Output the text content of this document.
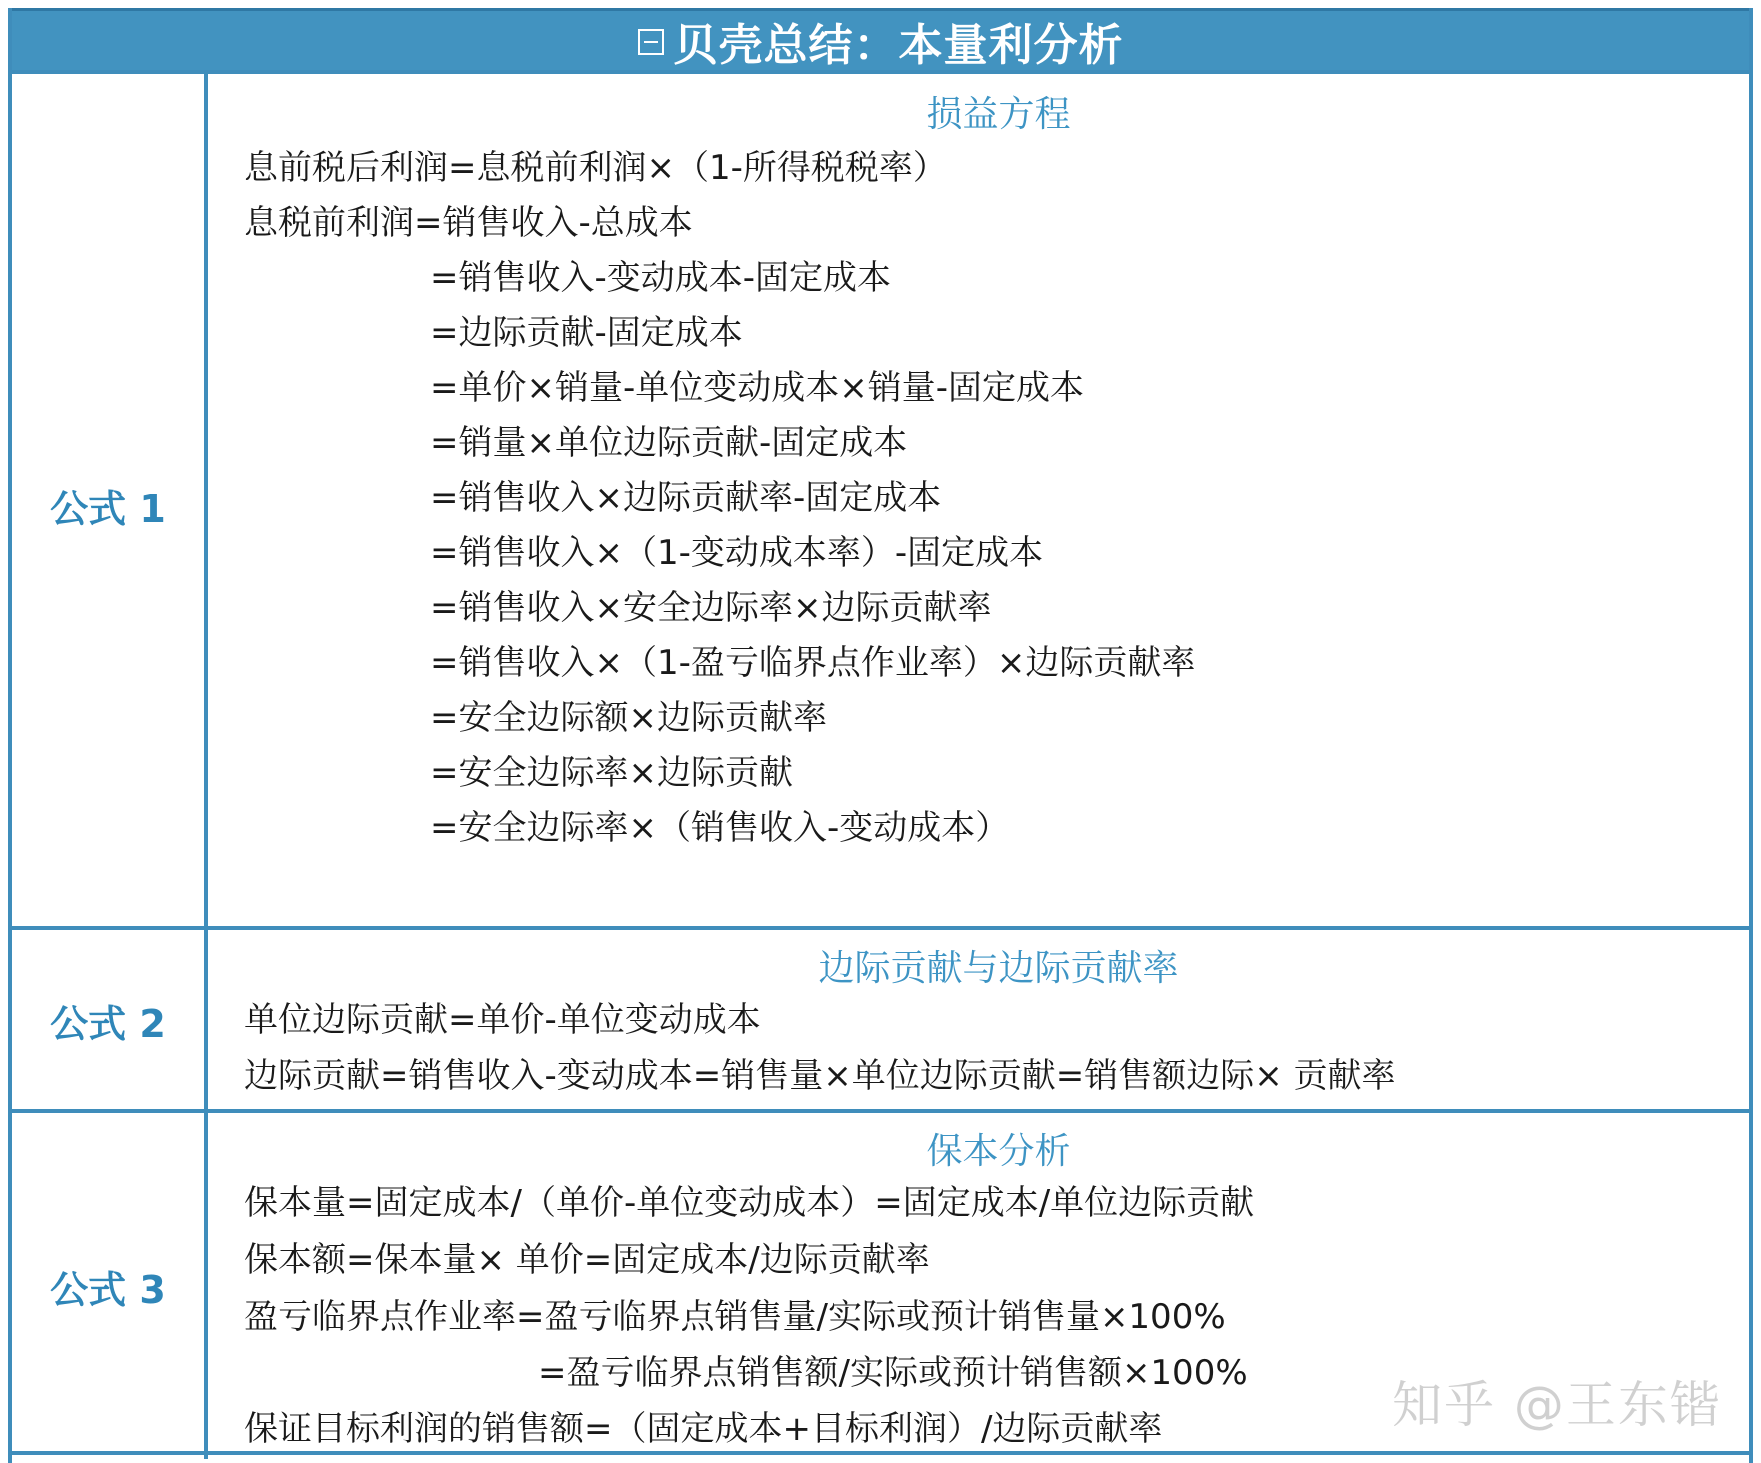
贝壳总结：本量利分析
公式 1
损益方程
息前税后利润=息税前利润×（1-所得税税率）
息税前利润=销售收入-总成本
=销售收入-变动成本-固定成本
=边际贡献-固定成本
=单价×销量-单位变动成本×销量-固定成本
=销量×单位边际贡献-固定成本
=销售收入×边际贡献率-固定成本
=销售收入×（1-变动成本率）-固定成本
=销售收入×安全边际率×边际贡献率
=销售收入×（1-盈亏临界点作业率）×边际贡献率
=安全边际额×边际贡献率
=安全边际率×边际贡献
=安全边际率×（销售收入-变动成本）
公式 2
边际贡献与边际贡献率
单位边际贡献=单价-单位变动成本
边际贡献=销售收入-变动成本=销售量×单位边际贡献=销售额边际× 贡献率
公式 3
保本分析
保本量=固定成本/（单价-单位变动成本）=固定成本/单位边际贡献
保本额=保本量× 单价=固定成本/边际贡献率
盈亏临界点作业率=盈亏临界点销售量/实际或预计销售量×100%
=盈亏临界点销售额/实际或预计销售额×100%
保证目标利润的销售额=（固定成本+目标利润）/边际贡献率	知乎 @王东锴
